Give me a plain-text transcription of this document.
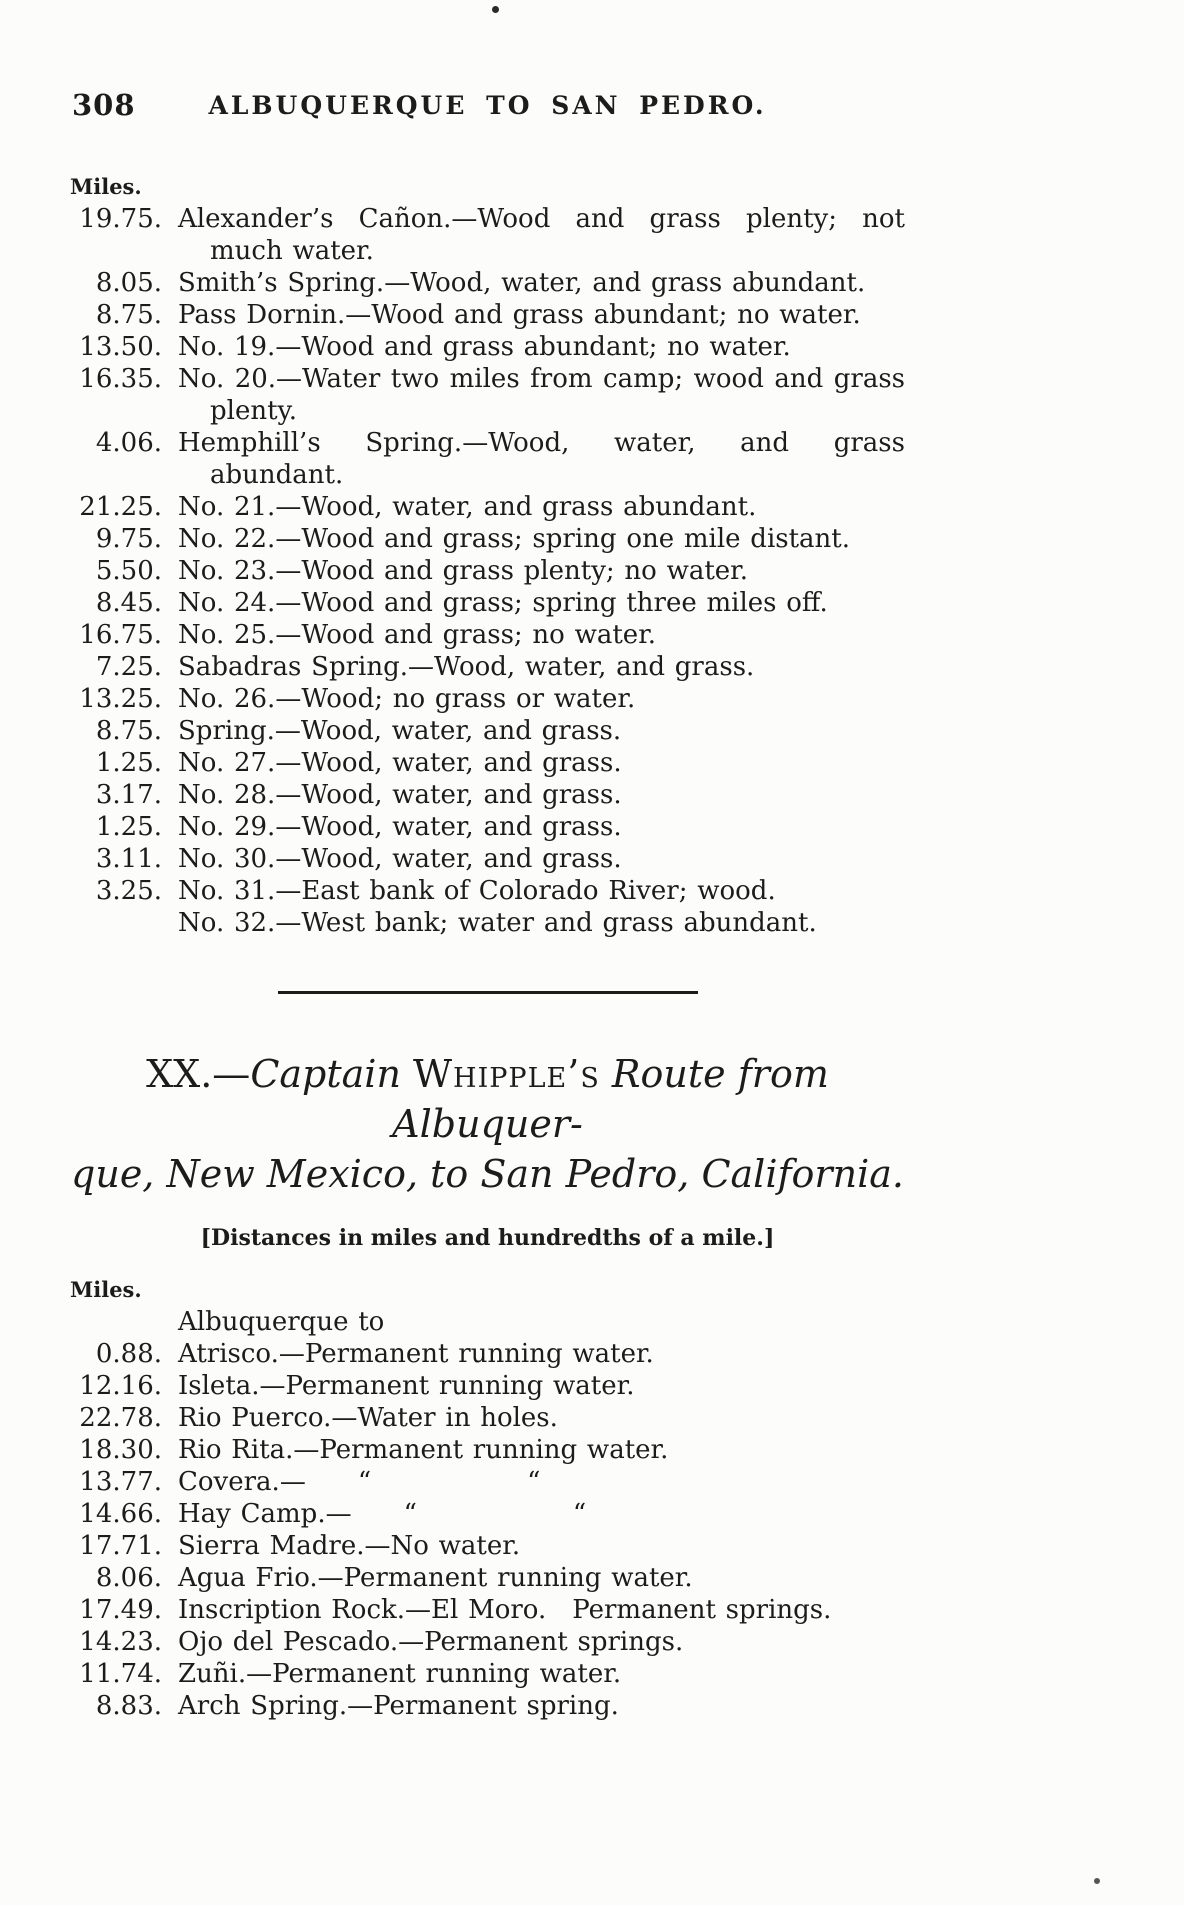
308	ALBUQUERQUE TO SAN PEDRO.
Miles.
19.75. Alexander’s Cañon.—Wood and grass plenty; not much water.
8.05. Smith’s Spring.—Wood, water, and grass abundant.
8.75. Pass Dornin.—Wood and grass abundant; no water.
13.50. No. 19.—Wood and grass abundant; no water.
16.35. No. 20.—Water two miles from camp; wood and grass plenty.
4.06. Hemphill’s Spring.—Wood, water, and grass abundant.
21.25. No. 21.—Wood, water, and grass abundant.
9.75. No. 22.—Wood and grass; spring one mile distant.
5.50. No. 23.—Wood and grass plenty; no water.
8.45. No. 24.—Wood and grass; spring three miles off.
16.75. No. 25.—Wood and grass; no water.
7.25. Sabadras Spring.—Wood, water, and grass.
13.25. No. 26.—Wood; no grass or water.
8.75. Spring.—Wood, water, and grass.
1.25. No. 27.—Wood, water, and grass.
3.17. No. 28.—Wood, water, and grass.
1.25. No. 29.—Wood, water, and grass.
3.11. No. 30.—Wood, water, and grass.
3.25. No. 31.—East bank of Colorado River; wood.
No. 32.—West bank; water and grass abundant.
XX.—Captain Whipple’s Route from Albuquer-
que, New Mexico, to San Pedro, California.
[Distances in miles and hundredths of a mile.]
Miles.
Albuquerque to
0.88. Atrisco.—Permanent running water.
12.16. Isleta.—Permanent running water.
22.78. Rio Puerco.—Water in holes.
18.30. Rio Rita.—Permanent running water.
13.77. Covera.—  “      “
14.66. Hay Camp.—  “      “
17.71. Sierra Madre.—No water.
8.06. Agua Frio.—Permanent running water.
17.49. Inscription Rock.—El Moro. Permanent springs.
14.23. Ojo del Pescado.—Permanent springs.
11.74. Zuñi.—Permanent running water.
8.83. Arch Spring.—Permanent spring.
